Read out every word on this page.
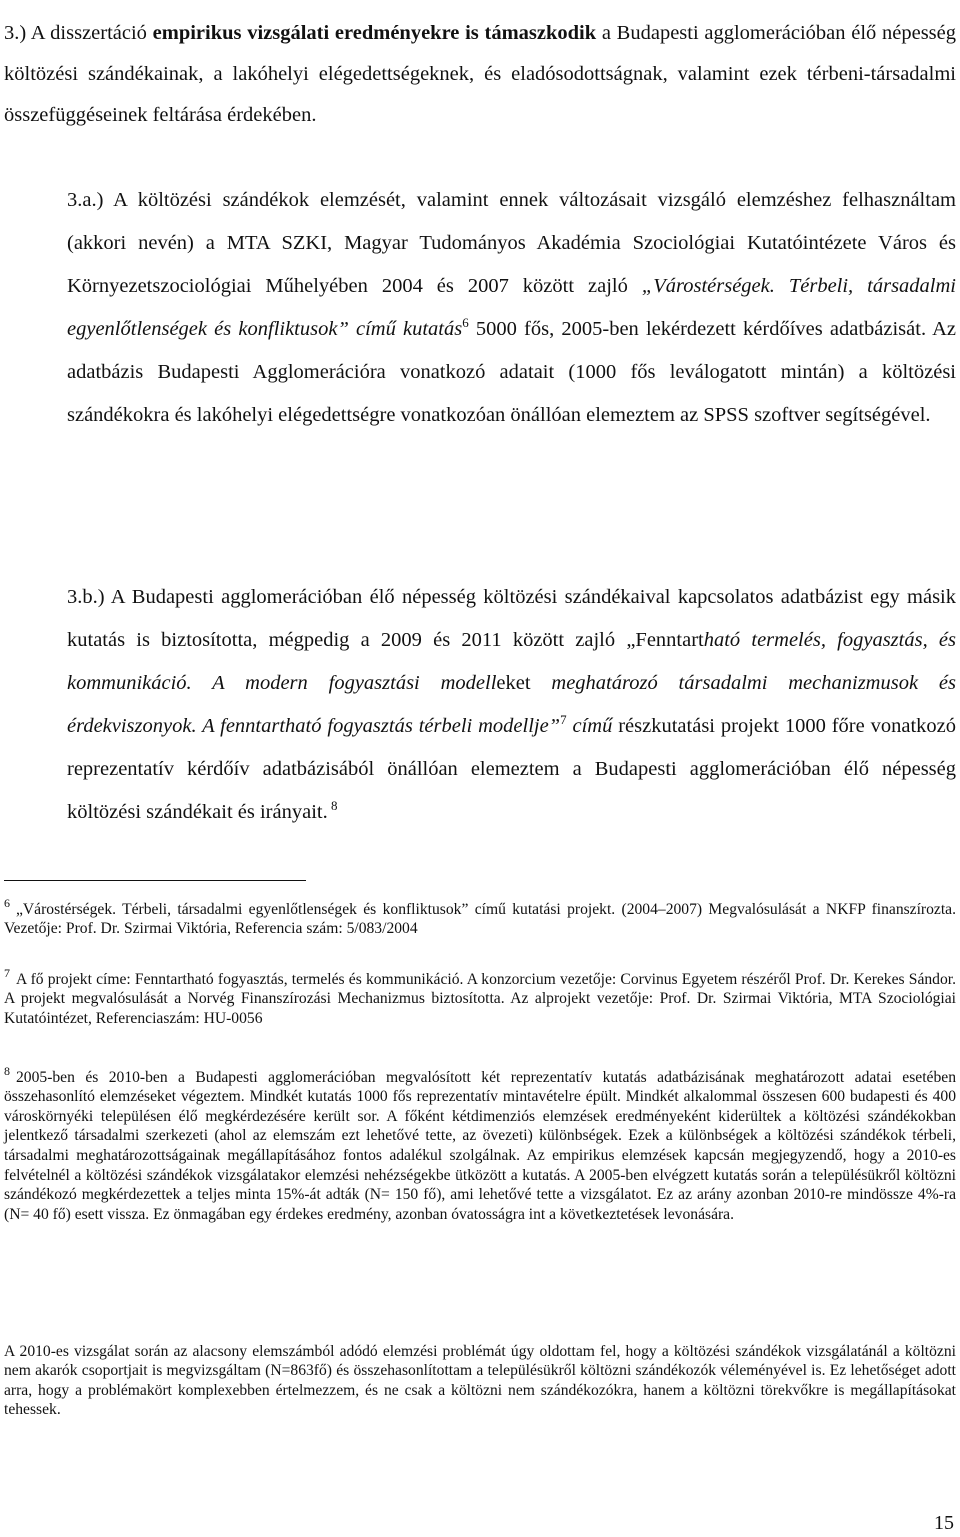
3.) A disszertáció empirikus vizsgálati eredményekre is támaszkodik a Budapesti agglomerációban élő népesség költözési szándékainak, a lakóhelyi elégedettségeknek, és eladósodottságnak, valamint ezek térbeni-társadalmi összefüggéseinek feltárása érdekében.

3.a.) A költözési szándékok elemzését, valamint ennek változásait vizsgáló elemzéshez felhasználtam (akkori nevén) a MTA SZKI, Magyar Tudományos Akadémia Szociológiai Kutatóintézete Város és Környezetszociológiai Műhelyében 2004 és 2007 között zajló „Várostérségek. Térbeli, társadalmi egyenlőtlenségek és konfliktusok” című kutatás$^6$ 5000 fős, 2005-ben lekérdezett kérdőíves adatbázisát. Az adatbázis Budapesti Agglomerációra vonatkozó adatait (1000 fős leválogatott mintán) a költözési szándékokra és lakóhelyi elégedettségre vonatkozóan önállóan elemeztem az SPSS szoftver segítségével.

3.b.) A Budapesti agglomerációban élő népesség költözési szándékaival kapcsolatos adatbázist egy másik kutatás is biztosította, mégpedig a 2009 és 2011 között zajló „Fenntartható termelés, fogyasztás, és kommunikáció. A modern fogyasztási modelleket meghatározó társadalmi mechanizmusok és érdekviszonyok. A fenntartható fogyasztás térbeli modellje”$^7$ című részkutatási projekt 1000 főre vonatkozó reprezentatív kérdőív adatbázisából önállóan elemeztem a Budapesti agglomerációban élő népesség költözési szándékait és irányait. $^8$

$^6$ „Várostérségek. Térbeli, társadalmi egyenlőtlenségek és konfliktusok” című kutatási projekt. (2004–2007) Megvalósulását a NKFP finanszírozta. Vezetője: Prof. Dr. Szirmai Viktória, Referencia szám: 5/083/2004

$^7$ A fő projekt címe: Fenntartható fogyasztás, termelés és kommunikáció. A konzorcium vezetője: Corvinus Egyetem részéről Prof. Dr. Kerekes Sándor. A projekt megvalósulását a Norvég Finanszírozási Mechanizmus biztosította. Az alprojekt vezetője: Prof. Dr. Szirmai Viktória, MTA Szociológiai Kutatóintézet, Referenciaszám: HU-0056

$^8$ 2005-ben és 2010-ben a Budapesti agglomerációban megvalósított két reprezentatív kutatás adatbázisának meghatározott adatai esetében összehasonlító elemzéseket végeztem. Mindkét kutatás 1000 fős reprezentatív mintavételre épült. Mindkét alkalommal összesen 600 budapesti és 400 városkörnyéki településen élő megkérdezésére került sor. A főként kétdimenziós elemzések eredményeként kiderültek a költözési szándékokban jelentkező társadalmi szerkezeti (ahol az elemszám ezt lehetővé tette, az övezeti) különbségek. Ezek a különbségek a költözési szándékok térbeli, társadalmi meghatározottságainak megállapításához fontos adalékul szolgálnak. Az empirikus elemzések kapcsán megjegyzendő, hogy a 2010-es felvételnél a költözési szándékok vizsgálatakor elemzési nehézségekbe ütközött a kutatás. A 2005-ben elvégzett kutatás során a településükről költözni szándékozó megkérdezettek a teljes minta 15%-át adták (N= 150 fő), ami lehetővé tette a vizsgálatot. Ez az arány azonban 2010-re mindössze 4%-ra (N= 40 fő) esett vissza. Ez önmagában egy érdekes eredmény, azonban óvatosságra int a következtetések levonására.

A 2010-es vizsgálat során az alacsony elemszámból adódó elemzési problémát úgy oldottam fel, hogy a költözési szándékok vizsgálatánál a költözni nem akarók csoportjait is megvizsgáltam (N=863fő) és összehasonlítottam a településükről költözni szándékozók véleményével is. Ez lehetőséget adott arra, hogy a problémakört komplexebben értelmezzem, és ne csak a költözni nem szándékozókra, hanem a költözni törekvőkre is megállapításokat tehessek.

15
